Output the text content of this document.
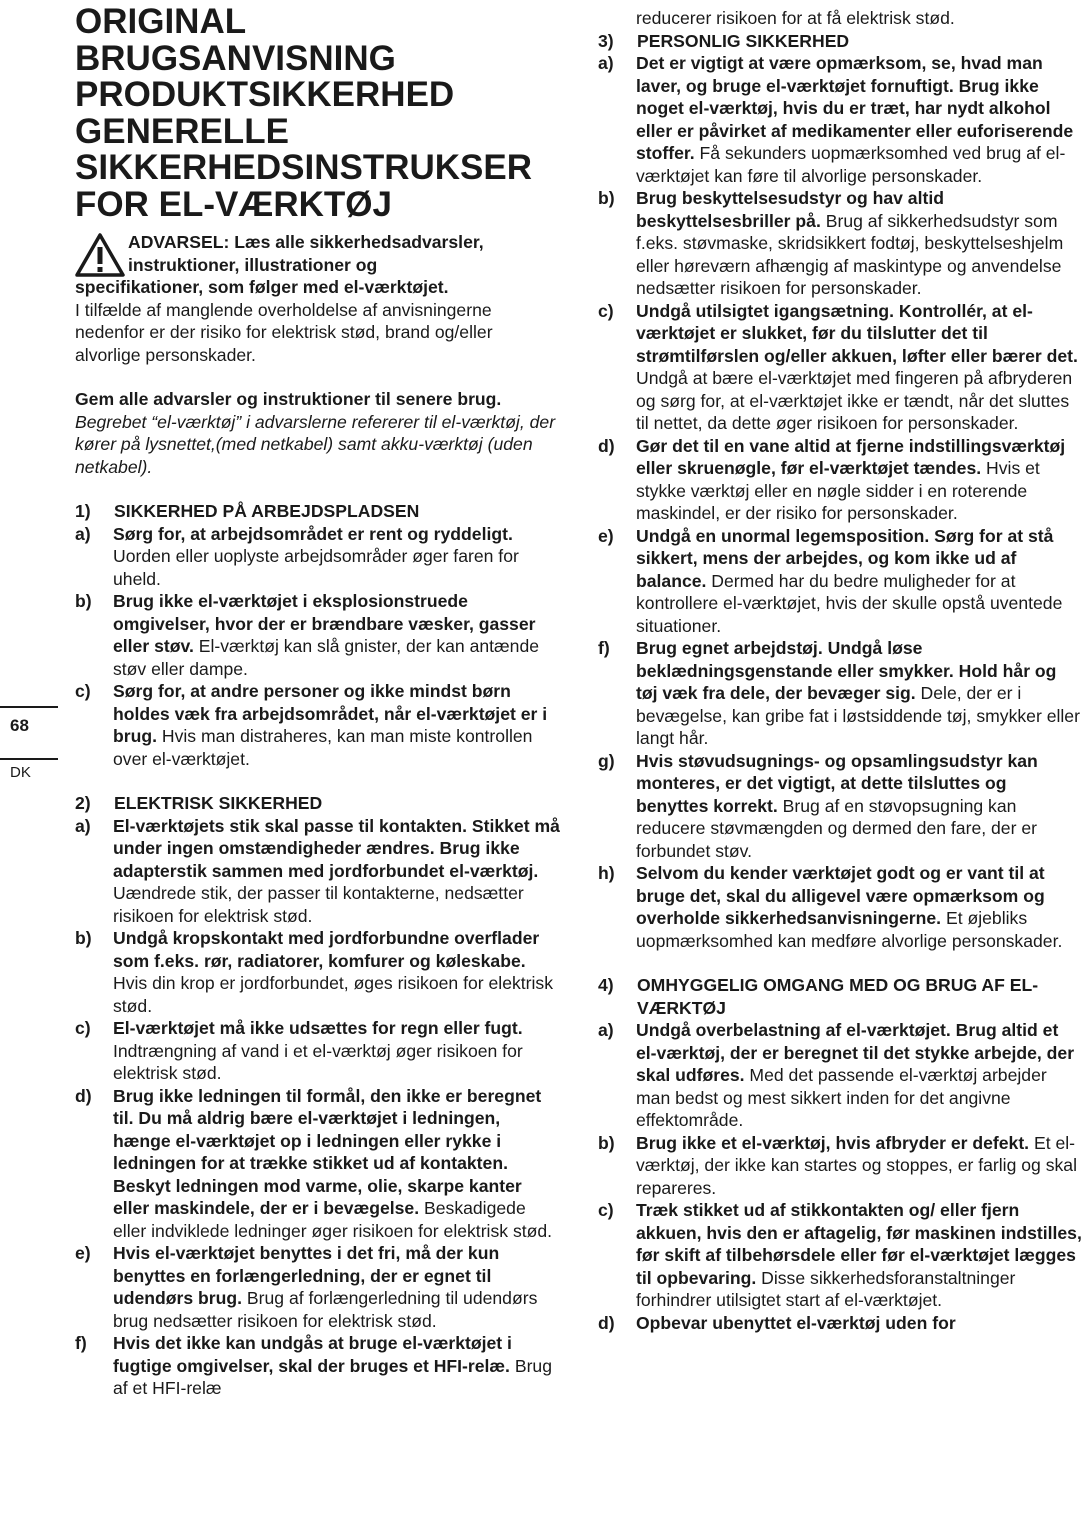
68
DK
ORIGINAL
BRUGSANVISNING
PRODUKTSIKKERHED
GENERELLE
SIKKERHEDSINSTRUKSER
FOR EL-VÆRKTØJ

ADVARSEL: Læs alle sikkerhedsadvarsler,

instruktioner, illustrationer og

specifikationer, som følger med el-værktøjet.

I tilfælde af manglende overholdelse af anvisningerne nedenfor er der risiko for elektrisk stød, brand og/eller alvorlige personskader.

Gem alle advarsler og instruktioner til senere brug.

Begrebet “el-værktøj” i advarslerne refererer til el-værktøj, der kører på lysnettet,(med netkabel) samt akku-værktøj (uden netkabel).

1)	SIKKERHED PÅ ARBEJDSPLADSEN
a) Sørg for, at arbejdsområdet er rent og ryddeligt. Uorden eller uoplyste arbejdsområder øger faren for uheld.
b) Brug ikke el-værktøjet i eksplosionstruede omgivelser, hvor der er brændbare væsker, gasser eller støv. El-værktøj kan slå gnister, der kan antænde støv eller dampe.
c) Sørg for, at andre personer og ikke mindst børn holdes væk fra arbejdsområdet, når el-værktøjet er i brug. Hvis man distraheres, kan man miste kontrollen over el-værktøjet.
2)	ELEKTRISK SIKKERHED
a) El-værktøjets stik skal passe til kontakten. Stikket må under ingen omstændigheder ændres. Brug ikke adapterstik sammen med jordforbundet el-værktøj. Uændrede stik, der passer til kontakterne, nedsætter risikoen for elektrisk stød.
b) Undgå kropskontakt med jordforbundne overflader som f.eks. rør, radiatorer, komfurer og køleskabe. Hvis din krop er jordforbundet, øges risikoen for elektrisk stød.
c) El-værktøjet må ikke udsættes for regn eller fugt. Indtrængning af vand i et el-værktøj øger risikoen for elektrisk stød.
d) Brug ikke ledningen til formål, den ikke er beregnet til. Du må aldrig bære el-værktøjet i ledningen, hænge el-værktøjet op i ledningen eller rykke i ledningen for at trække stikket ud af kontakten. Beskyt ledningen mod varme, olie, skarpe kanter eller maskindele, der er i bevægelse. Beskadigede eller indviklede ledninger øger risikoen for elektrisk stød.
e) Hvis el-værktøjet benyttes i det fri, må der kun benyttes en forlængerledning, der er egnet til udendørs brug. Brug af forlængerledning til udendørs brug nedsætter risikoen for elektrisk stød.
f) Hvis det ikke kan undgås at bruge el-værktøjet i fugtige omgivelser, skal der bruges et HFI-relæ. Brug af et HFI-relæ

reducerer risikoen for at få elektrisk stød.

3)	PERSONLIG SIKKERHED
a) Det er vigtigt at være opmærksom, se, hvad man laver, og bruge el-værktøjet fornuftigt. Brug ikke noget el-værktøj, hvis du er træt, har nydt alkohol eller er påvirket af medikamenter eller euforiserende stoffer. Få sekunders uopmærksomhed ved brug af el-værktøjet kan føre til alvorlige personskader.
b) Brug beskyttelsesudstyr og hav altid beskyttelsesbriller på. Brug af sikkerhedsudstyr som f.eks. støvmaske, skridsikkert fodtøj, beskyttelseshjelm eller høreværn afhængig af maskintype og anvendelse nedsætter risikoen for personskader.
c) Undgå utilsigtet igangsætning. Kontrollér, at el-værktøjet er slukket, før du tilslutter det til strømtilførslen og/eller akkuen, løfter eller bærer det. Undgå at bære el-værktøjet med fingeren på afbryderen og sørg for, at el-værktøjet ikke er tændt, når det sluttes til nettet, da dette øger risikoen for personskader.
d) Gør det til en vane altid at fjerne indstillingsværktøj eller skruenøgle, før el-værktøjet tændes. Hvis et stykke værktøj eller en nøgle sidder i en roterende maskindel, er der risiko for personskader.
e) Undgå en unormal legemsposition. Sørg for at stå sikkert, mens der arbejdes, og kom ikke ud af balance. Dermed har du bedre muligheder for at kontrollere el-værktøjet, hvis der skulle opstå uventede situationer.
f) Brug egnet arbejdstøj. Undgå løse beklædningsgenstande eller smykker. Hold hår og tøj væk fra dele, der bevæger sig. Dele, der er i bevægelse, kan gribe fat i løstsiddende tøj, smykker eller langt hår.
g) Hvis støvudsugnings- og opsamlingsudstyr kan monteres, er det vigtigt, at dette tilsluttes og benyttes korrekt. Brug af en støvopsugning kan reducere støvmængden og dermed den fare, der er forbundet støv.
h) Selvom du kender værktøjet godt og er vant til at bruge det, skal du alligevel være opmærksom og overholde sikkerhedsanvisningerne. Et øjebliks uopmærksomhed kan medføre alvorlige personskader.
4)	OMHYGGELIG OMGANG MED OG BRUG AF EL-VÆRKTØJ
a) Undgå overbelastning af el-værktøjet. Brug altid et el-værktøj, der er beregnet til det stykke arbejde, der skal udføres. Med det passende el-værktøj arbejder man bedst og mest sikkert inden for det angivne effektområde.
b) Brug ikke et el-værktøj, hvis afbryder er defekt. Et el-værktøj, der ikke kan startes og stoppes, er farlig og skal repareres.
c) Træk stikket ud af stikkontakten og/ eller fjern akkuen, hvis den er aftagelig, før maskinen indstilles, før skift af tilbehørsdele eller før el-værktøjet lægges til opbevaring. Disse sikkerhedsforanstaltninger forhindrer utilsigtet start af el-værktøjet.
d) Opbevar ubenyttet el-værktøj uden for
